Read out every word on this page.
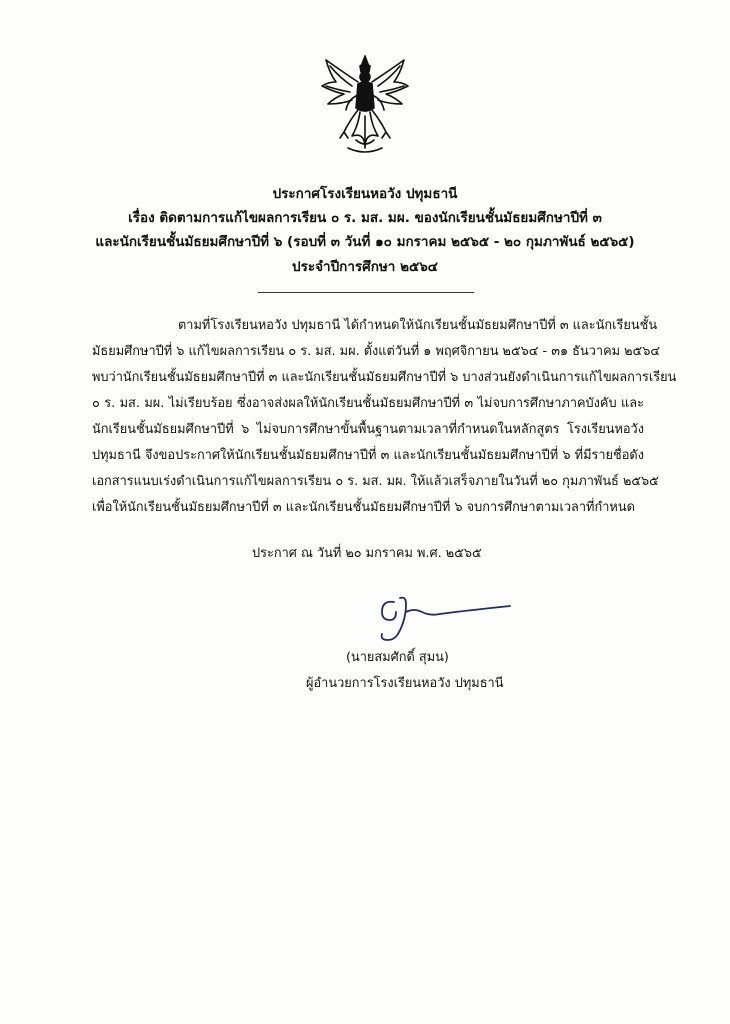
ประกาศโรงเรียนหอวัง ปทุมธานี
เรื่อง ติดตามการแก้ไขผลการเรียน ๐ ร. มส. มผ. ของนักเรียนชั้นมัธยมศึกษาปีที่ ๓
และนักเรียนชั้นมัธยมศึกษาปีที่ ๖ (รอบที่ ๓ วันที่ ๑๐ มกราคม ๒๕๖๕ - ๒๐ กุมภาพันธ์ ๒๕๖๕)
ประจำปีการศึกษา ๒๕๖๔
ตามที่โรงเรียนหอวัง ปทุมธานี ได้กำหนดให้นักเรียนชั้นมัธยมศึกษาปีที่ ๓ และนักเรียนชั้น
มัธยมศึกษาปีที่ ๖ แก้ไขผลการเรียน ๐ ร. มส. มผ. ตั้งแต่วันที่ ๑ พฤศจิกายน ๒๕๖๔ - ๓๑ ธันวาคม ๒๕๖๔
พบว่านักเรียนชั้นมัธยมศึกษาปีที่ ๓ และนักเรียนชั้นมัธยมศึกษาปีที่ ๖ บางส่วนยังดำเนินการแก้ไขผลการเรียน
๐ ร. มส. มผ. ไม่เรียบร้อย ซึ่งอาจส่งผลให้นักเรียนชั้นมัธยมศึกษาปีที่ ๓ ไม่จบการศึกษาภาคบังคับ และ
นักเรียนชั้นมัธยมศึกษาปีที่ ๖ ไม่จบการศึกษาขั้นพื้นฐานตามเวลาที่กำหนดในหลักสูตร โรงเรียนหอวัง
ปทุมธานี จึงขอประกาศให้นักเรียนชั้นมัธยมศึกษาปีที่ ๓ และนักเรียนชั้นมัธยมศึกษาปีที่ ๖ ที่มีรายชื่อดัง
เอกสารแนบเร่งดำเนินการแก้ไขผลการเรียน ๐ ร. มส. มผ. ให้แล้วเสร็จภายในวันที่ ๒๐ กุมภาพันธ์ ๒๕๖๕
เพื่อให้นักเรียนชั้นมัธยมศึกษาปีที่ ๓ และนักเรียนชั้นมัธยมศึกษาปีที่ ๖ จบการศึกษาตามเวลาที่กำหนด
ประกาศ ณ วันที่ ๒๐ มกราคม พ.ศ. ๒๕๖๕
(นายสมศักดิ์ สุมน)
ผู้อำนวยการโรงเรียนหอวัง ปทุมธานี
